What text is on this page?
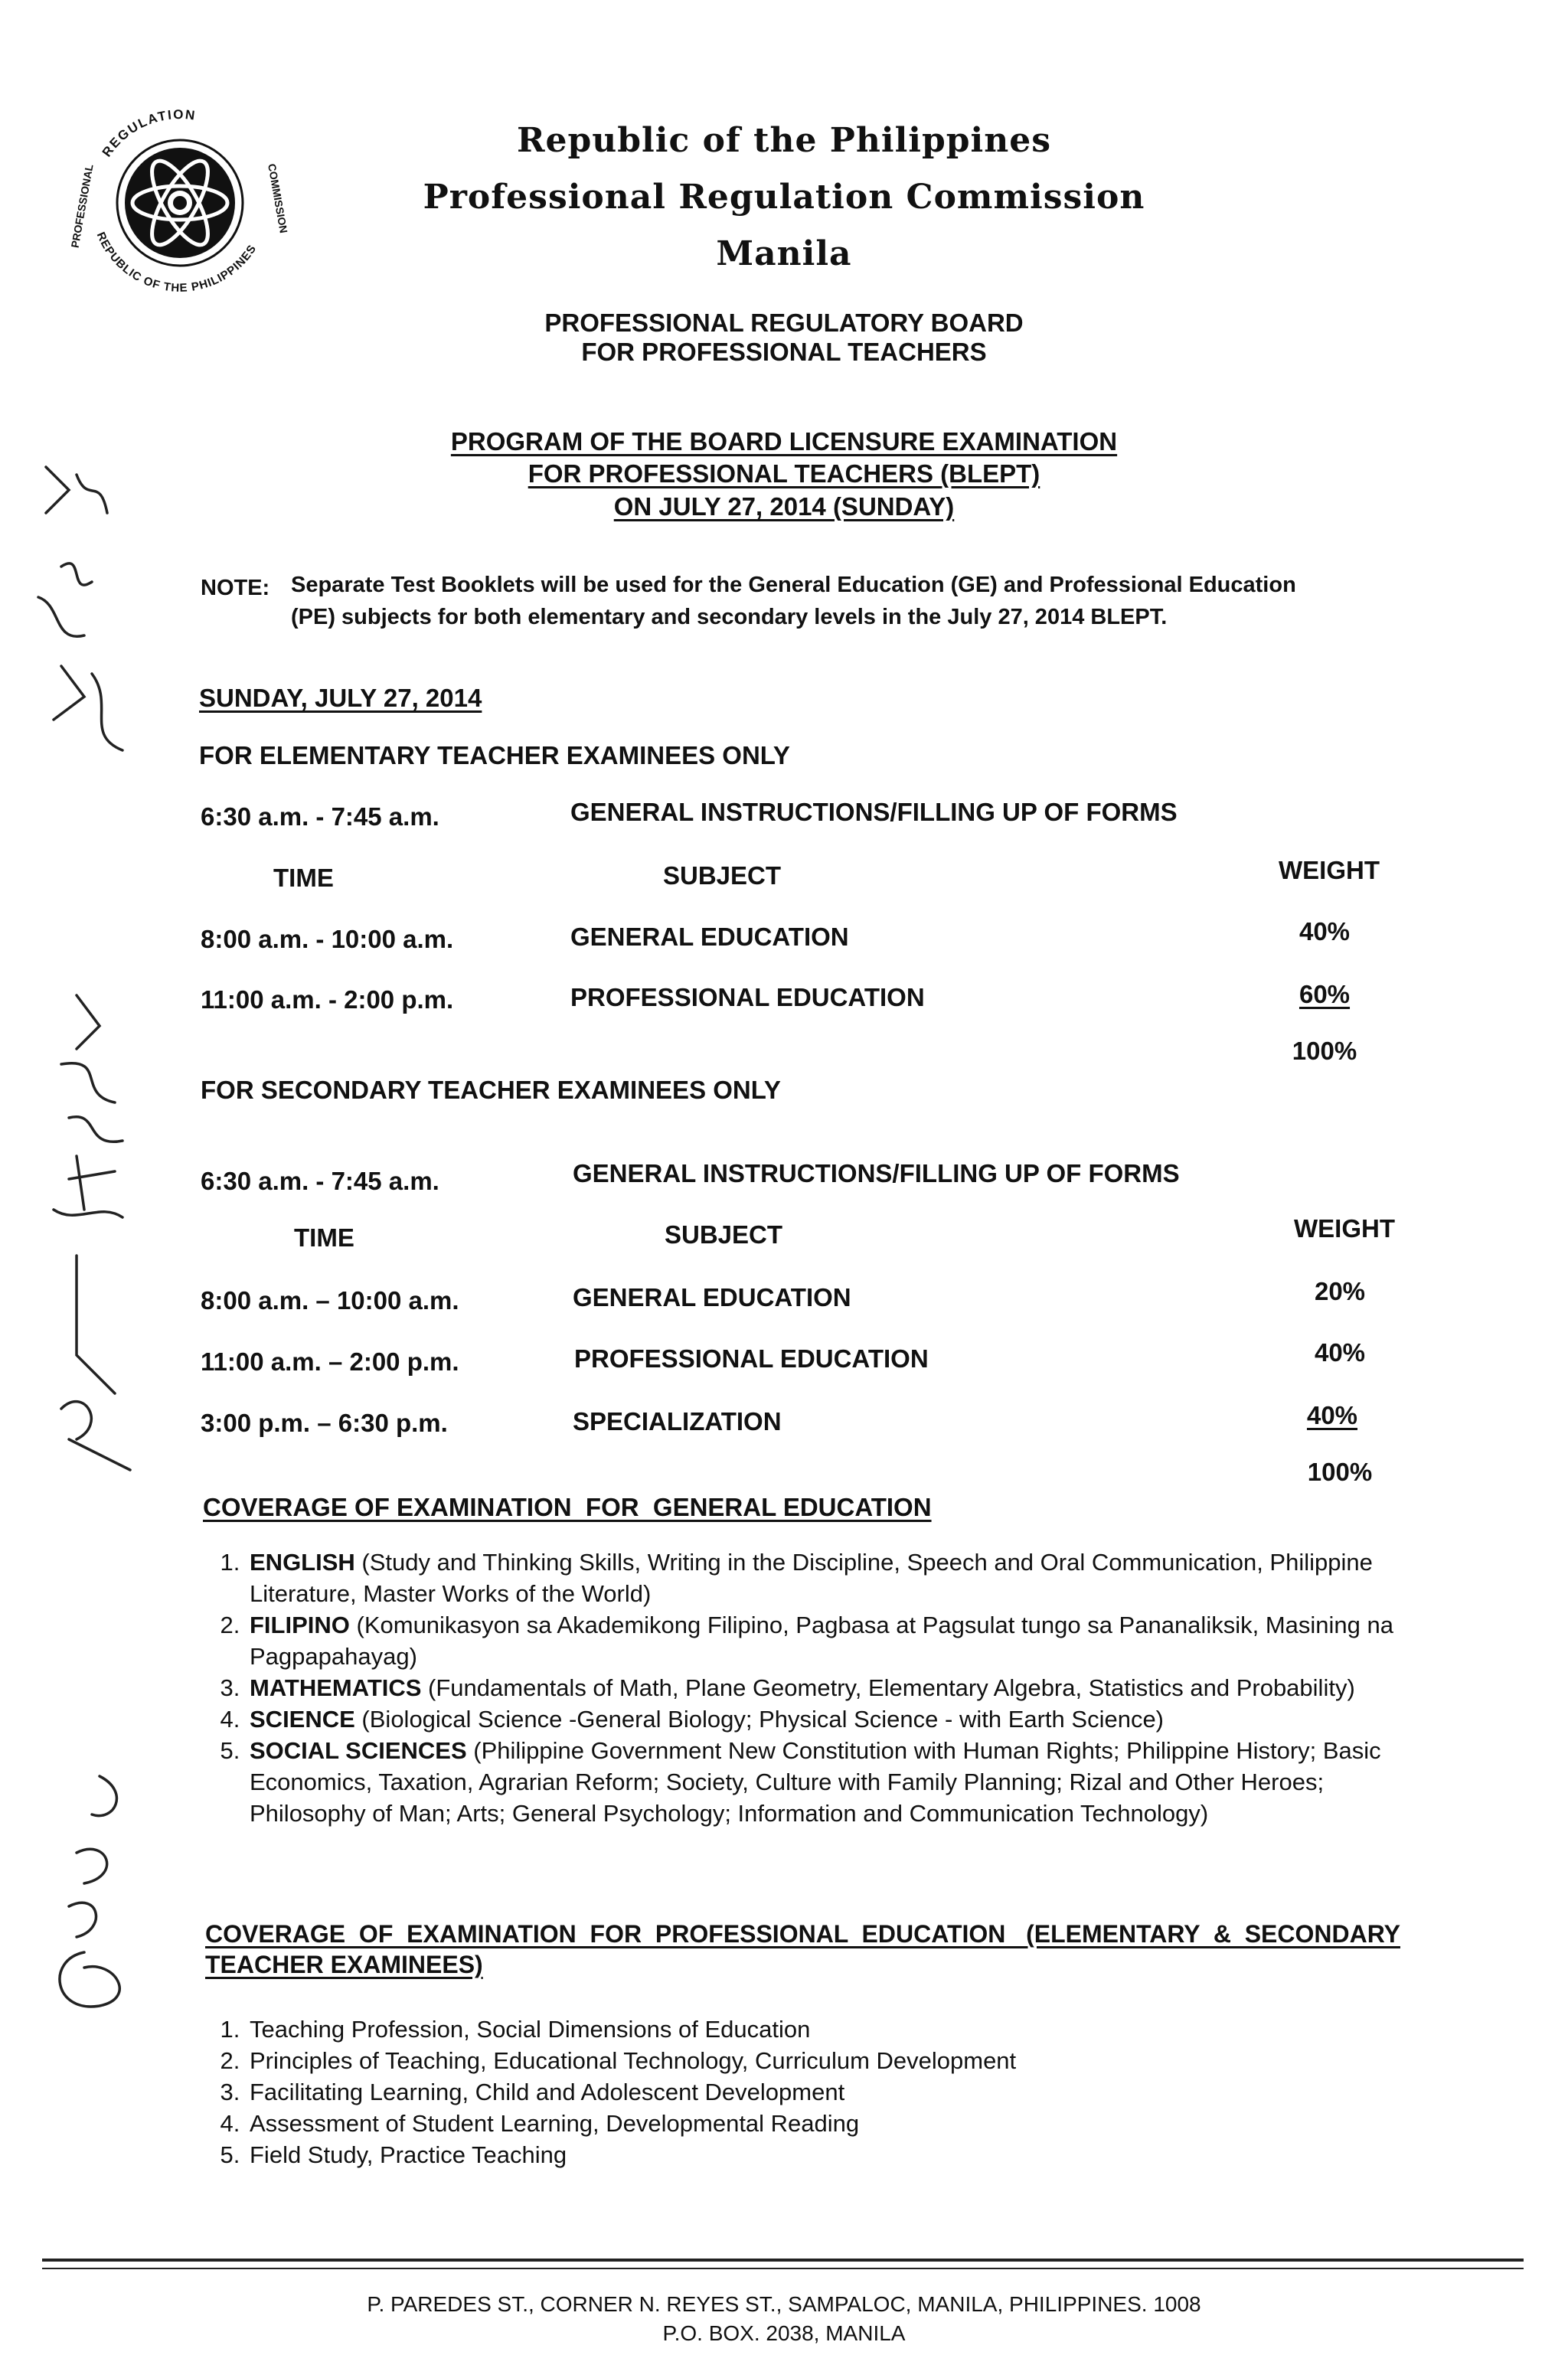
REGULATION
REPUBLIC OF THE PHILIPPINES
PROFESSIONAL	COMMISSION
Republic of the Philippines
Professional Regulation Commission
Manila
PROFESSIONAL REGULATORY BOARD
FOR PROFESSIONAL TEACHERS
PROGRAM OF THE BOARD LICENSURE EXAMINATION
FOR PROFESSIONAL TEACHERS (BLEPT)
ON JULY 27, 2014 (SUNDAY)
NOTE: Separate Test Booklets will be used for the General Education (GE) and Professional Education
(PE) subjects for both elementary and secondary levels in the July 27, 2014 BLEPT.
SUNDAY, JULY 27, 2014
FOR ELEMENTARY TEACHER EXAMINEES ONLY
6:30 a.m. - 7:45 a.m.	GENERAL INSTRUCTIONS/FILLING UP OF FORMS
TIME	SUBJECT	WEIGHT
8:00 a.m. - 10:00 a.m.	GENERAL EDUCATION	40%
11:00 a.m. - 2:00 p.m.	PROFESSIONAL EDUCATION	60%
100%
FOR SECONDARY TEACHER EXAMINEES ONLY
6:30 a.m. - 7:45 a.m.	GENERAL INSTRUCTIONS/FILLING UP OF FORMS
TIME	SUBJECT	WEIGHT
8:00 a.m. – 10:00 a.m.	GENERAL EDUCATION	20%
11:00 a.m. – 2:00 p.m.	PROFESSIONAL EDUCATION	40%
3:00 p.m. – 6:30 p.m.	SPECIALIZATION	40%
100%
COVERAGE OF EXAMINATION  FOR  GENERAL EDUCATION
1. ENGLISH (Study and Thinking Skills, Writing in the Discipline, Speech and Oral Communication, Philippine Literature, Master Works of the World)
2. FILIPINO (Komunikasyon sa Akademikong Filipino, Pagbasa at Pagsulat tungo sa Pananaliksik, Masining na Pagpapahayag)
3. MATHEMATICS (Fundamentals of Math, Plane Geometry, Elementary Algebra, Statistics and Probability)
4. SCIENCE (Biological Science -General Biology; Physical Science - with Earth Science)
5. SOCIAL SCIENCES (Philippine Government New Constitution with Human Rights; Philippine History; Basic Economics, Taxation, Agrarian Reform; Society, Culture with Family Planning; Rizal and Other Heroes; Philosophy of Man; Arts; General Psychology; Information and Communication Technology)
COVERAGE  OF  EXAMINATION  FOR  PROFESSIONAL  EDUCATION   (ELEMENTARY  &  SECONDARY
TEACHER EXAMINEES)
1. Teaching Profession, Social Dimensions of Education
2. Principles of Teaching, Educational Technology, Curriculum Development
3. Facilitating Learning, Child and Adolescent Development
4. Assessment of Student Learning, Developmental Reading
5. Field Study, Practice Teaching
P. PAREDES ST., CORNER N. REYES ST., SAMPALOC, MANILA, PHILIPPINES. 1008
P.O. BOX. 2038, MANILA
